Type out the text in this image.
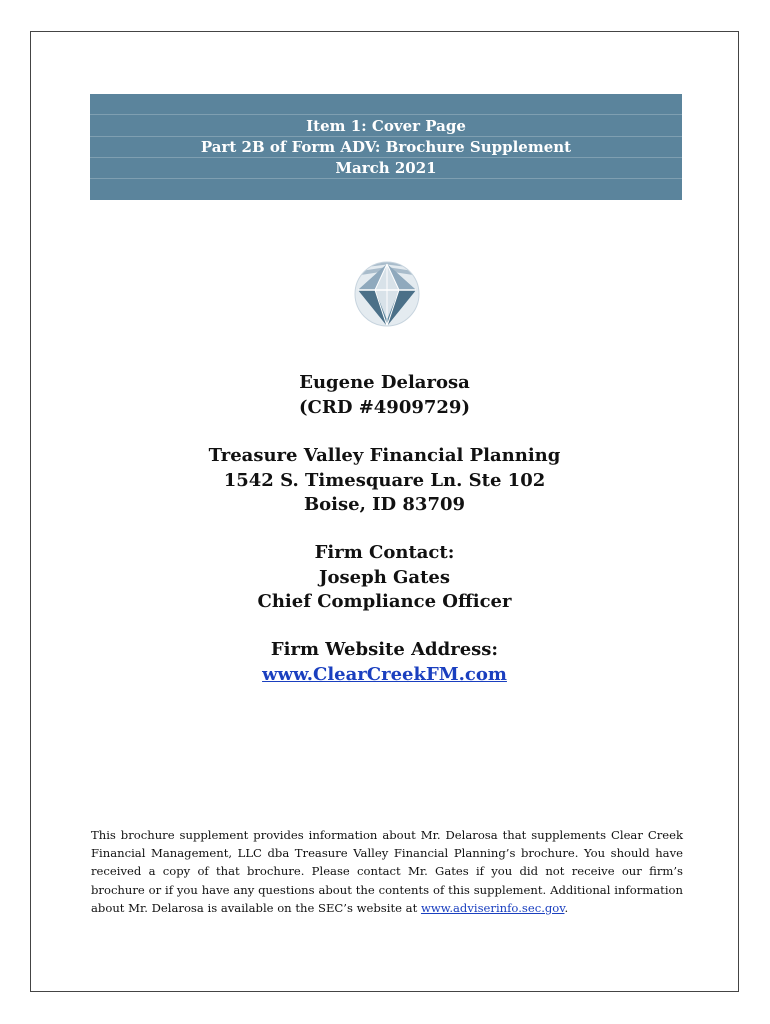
Item 1: Cover Page
Part 2B of Form ADV: Brochure Supplement
March 2021
Eugene Delarosa
(CRD #4909729)
Treasure Valley Financial Planning
1542 S. Timesquare Ln. Ste 102
Boise, ID 83709
Firm Contact:
Joseph Gates
Chief Compliance Officer
Firm Website Address:
www.ClearCreekFM.com
This brochure supplement provides information about Mr. Delarosa that supplements Clear Creek Financial Management, LLC dba Treasure Valley Financial Planning’s brochure. You should have received a copy of that brochure. Please contact Mr. Gates if you did not receive our firm’s brochure or if you have any questions about the contents of this supplement. Additional information about Mr. Delarosa is available on the SEC’s website at www.adviserinfo.sec.gov.
